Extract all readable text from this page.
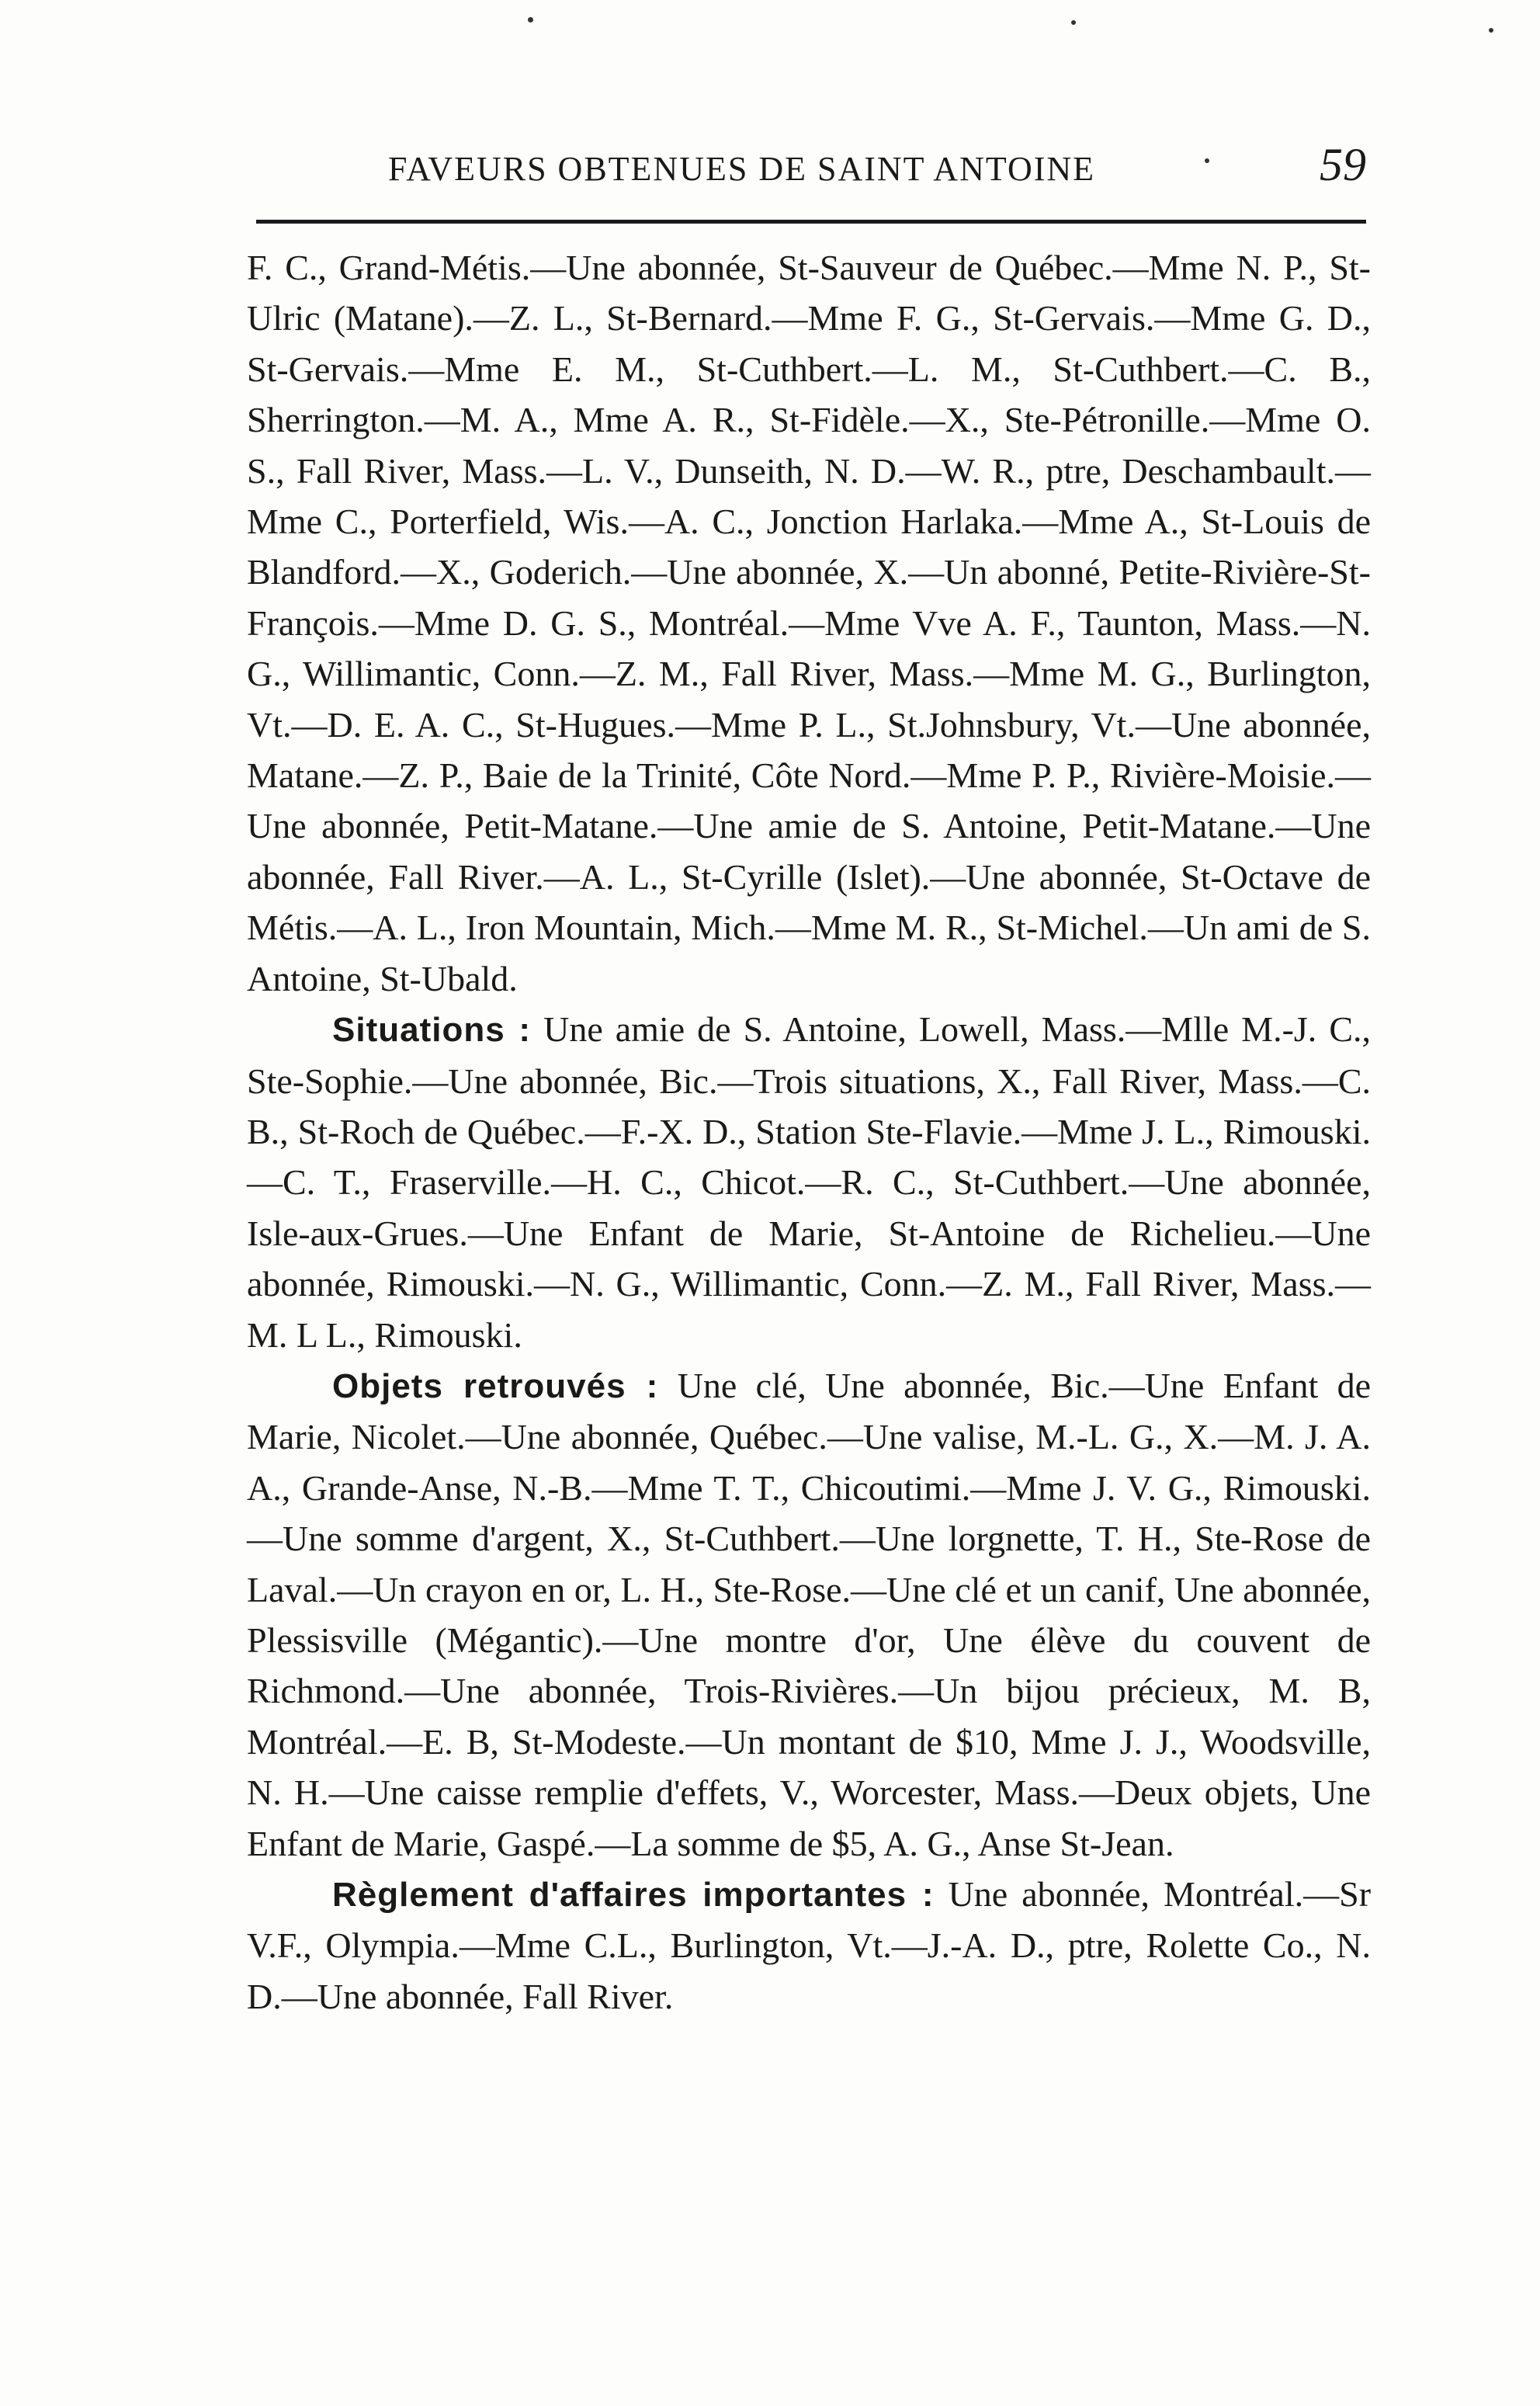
FAVEURS OBTENUES DE SAINT ANTOINE	59

F. C., Grand-Métis.—Une abonnée, St-Sauveur de Québec.—Mme N. P., St-Ulric (Matane).—Z. L., St-Bernard.—Mme F. G., St-Gervais.—Mme G. D., St-Gervais.—Mme E. M., St-Cuthbert.—L. M., St-Cuthbert.—C. B., Sherrington.—M. A., Mme A. R., St-Fidèle.—X., Ste-Pétronille.—Mme O. S., Fall River, Mass.—L. V., Dunseith, N. D.—W. R., ptre, Deschambault.—Mme C., Porterfield, Wis.—A. C., Jonction Harlaka.—Mme A., St-Louis de Blandford.—X., Goderich.—Une abonnée, X.—Un abonné, Petite-Rivière-St-François.—Mme D. G. S., Montréal.—Mme Vve A. F., Taunton, Mass.—N. G., Willimantic, Conn.—Z. M., Fall River, Mass.—Mme M. G., Burlington, Vt.—D. E. A. C., St-Hugues.—Mme P. L., St.Johnsbury, Vt.—Une abonnée, Matane.—Z. P., Baie de la Trinité, Côte Nord.—Mme P. P., Rivière-Moisie.—Une abonnée, Petit-Matane.—Une amie de S. Antoine, Petit-Matane.—Une abonnée, Fall River.—A. L., St-Cyrille (Islet).—Une abonnée, St-Octave de Métis.—A. L., Iron Mountain, Mich.—Mme M. R., St-Michel.—Un ami de S. Antoine, St-Ubald.

Situations : Une amie de S. Antoine, Lowell, Mass.—Mlle M.-J. C., Ste-Sophie.—Une abonnée, Bic.—Trois situations, X., Fall River, Mass.—C. B., St-Roch de Québec.—F.-X. D., Station Ste-Flavie.—Mme J. L., Rimouski.—C. T., Fraserville.—H. C., Chicot.—R. C., St-Cuthbert.—Une abonnée, Isle-aux-Grues.—Une Enfant de Marie, St-Antoine de Richelieu.—Une abonnée, Rimouski.—N. G., Willimantic, Conn.—Z. M., Fall River, Mass.—M. L L., Rimouski.

Objets retrouvés : Une clé, Une abonnée, Bic.—Une Enfant de Marie, Nicolet.—Une abonnée, Québec.—Une valise, M.-L. G., X.—M. J. A. A., Grande-Anse, N.-B.—Mme T. T., Chicoutimi.—Mme J. V. G., Rimouski.—Une somme d'argent, X., St-Cuthbert.—Une lorgnette, T. H., Ste-Rose de Laval.—Un crayon en or, L. H., Ste-Rose.—Une clé et un canif, Une abonnée, Plessisville (Mégantic).—Une montre d'or, Une élève du couvent de Richmond.—Une abonnée, Trois-Rivières.—Un bijou précieux, M. B, Montréal.—E. B, St-Modeste.—Un montant de $10, Mme J. J., Woodsville, N. H.—Une caisse remplie d'effets, V., Worcester, Mass.—Deux objets, Une Enfant de Marie, Gaspé.—La somme de $5, A. G., Anse St-Jean.

Règlement d'affaires importantes : Une abonnée, Montréal.—Sr V.F., Olympia.—Mme C.L., Burlington, Vt.—J.-A. D., ptre, Rolette Co., N. D.—Une abonnée, Fall River.
